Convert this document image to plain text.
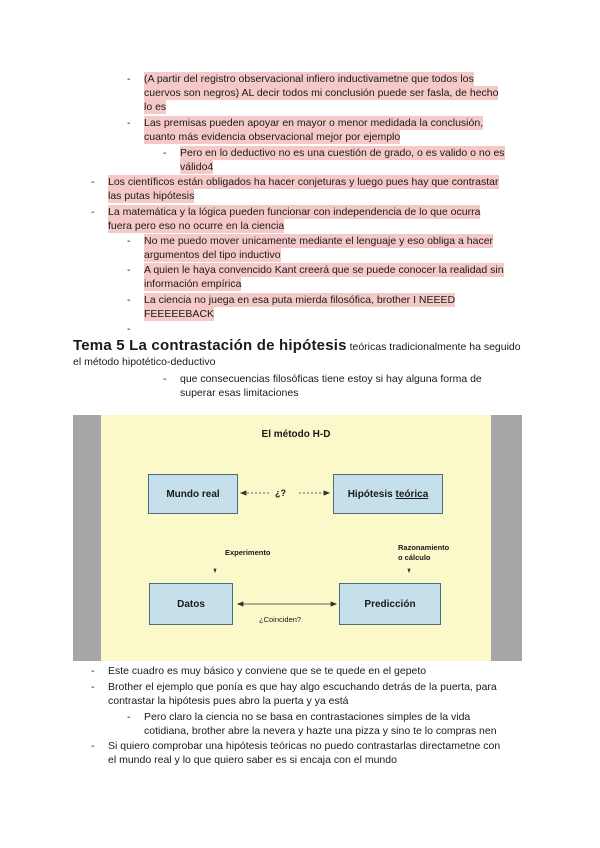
- (A partir del registro observacional infiero inductivametne que todos los
cuervos son negros) AL decir todos mi conclusión puede ser fasla, de hecho
lo es
- Las premisas pueden apoyar en mayor o menor medidada la conclusión,
cuanto más evidencia observacional mejor por ejemplo
- Pero en lo deductivo no es una cuestión de grado, o es valido o no es
válido4
- Los científicos están obligados ha hacer conjeturas y luego pues hay que contrastar
las putas hipótesis
- La matemática y la lógica pueden funcionar con independencia de lo que ocurra
fuera pero eso no ocurre en la ciencia
- No me puedo mover unicamente mediante el lenguaje y eso obliga a hacer
argumentos del tipo inductivo
- A quien le haya convencido Kant creerá que se puede conocer la realidad sin
información empírica
- La ciencia no juega en esa puta mierda filosófica, brother I NEEED
FEEEEEBACK
-
Tema 5 La contrastación de hipótesis teóricas tradicionalmente ha seguido
el método hipotético-deductivo
- que consecuencias filosóficas tiene estoy si hay alguna forma de
superar esas limitaciones
El método H-D
Mundo real	Hipótesis teórica
Datos	Predicción
¿?
Experimento
Razonamiento
o cálculo
¿Coinciden?
- Este cuadro es muy básico y conviene que se te quede en el gepeto
- Brother el ejemplo que ponía es que hay algo escuchando detrás de la puerta, para
contrastar la hipótesis pues abro la puerta y ya está
- Pero claro la ciencia no se basa en contrastaciones simples de la vida
cotidiana, brother abre la nevera y hazte una pizza y sino te lo compras nen
- Si quiero comprobar una hipótesis teóricas no puedo contrastarlas directametne con
el mundo real y lo que quiero saber es si encaja con el mundo
